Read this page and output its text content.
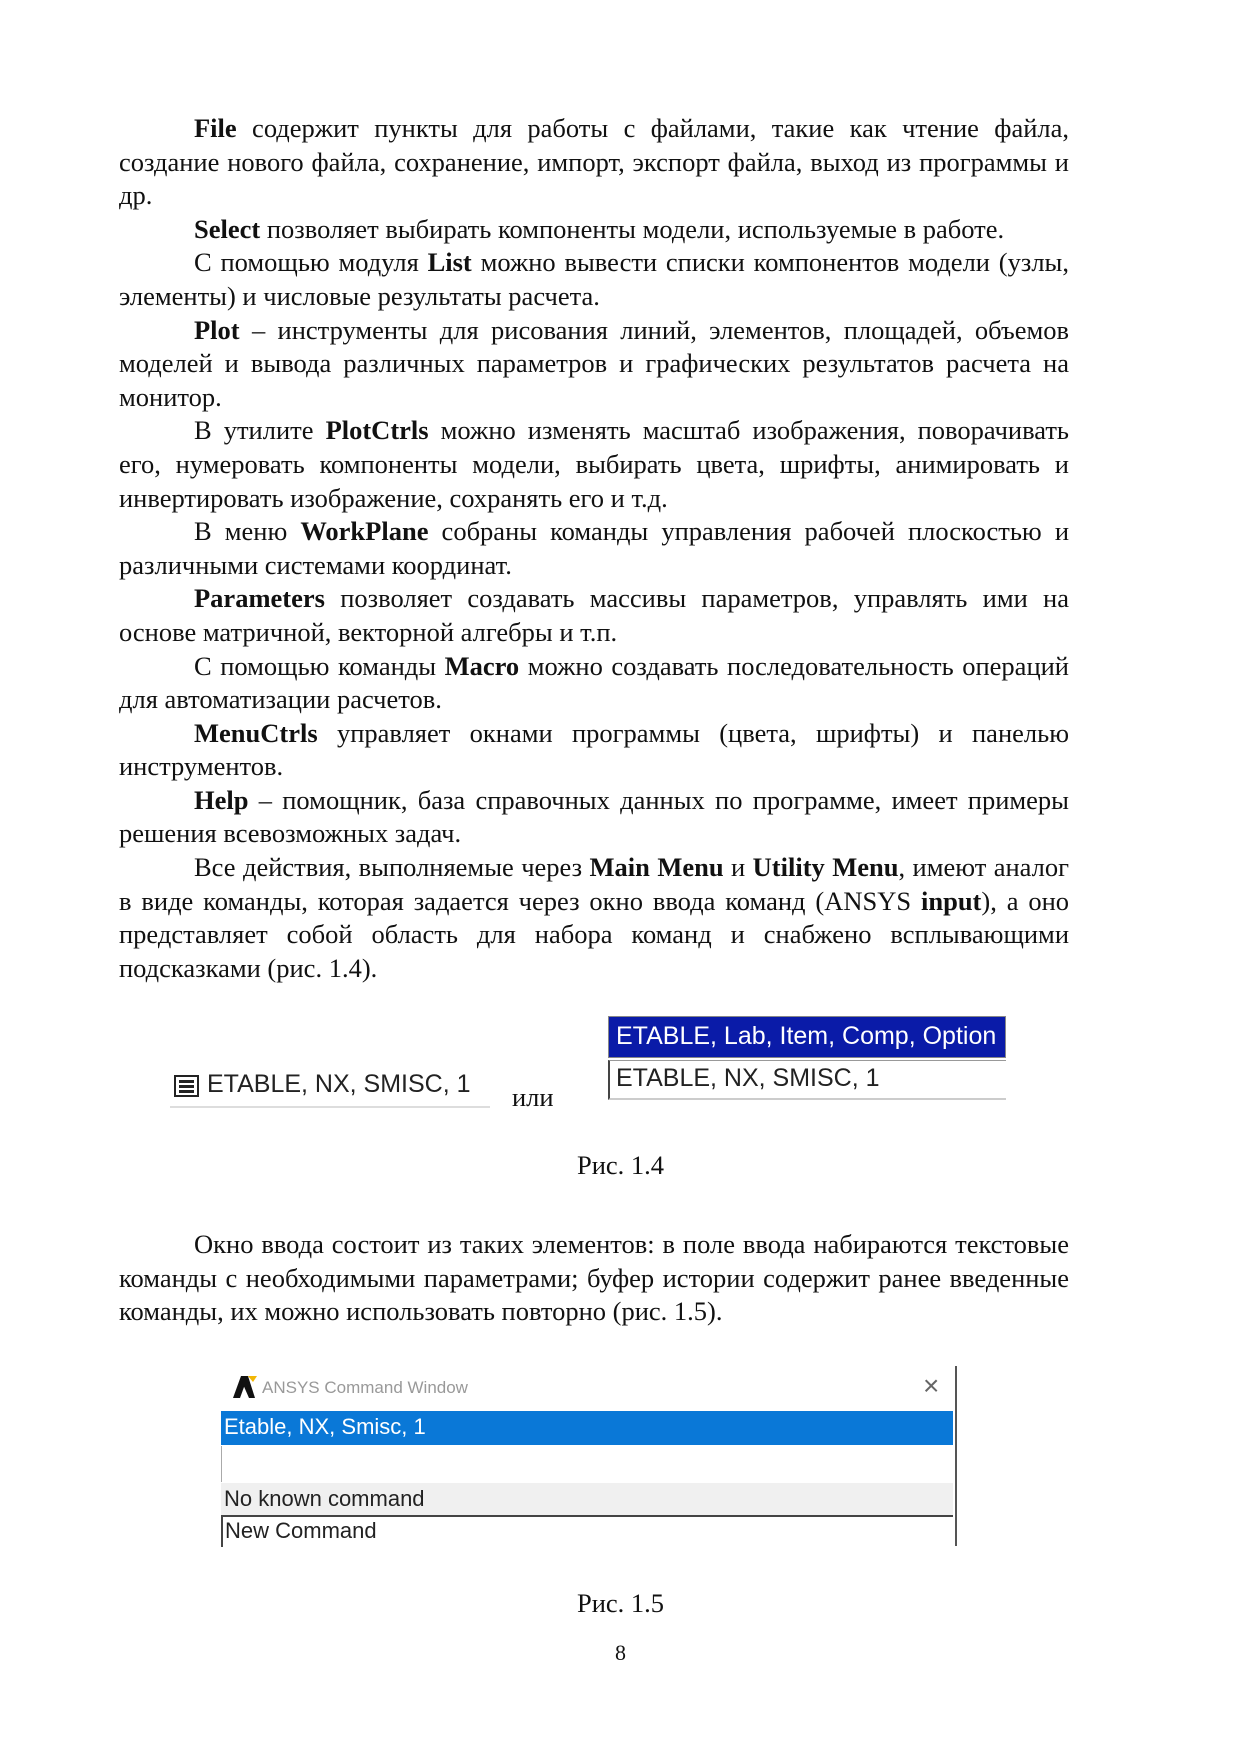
File содержит пункты для работы с файлами, такие как чтение файла, создание нового файла, сохранение, импорт, экспорт файла, выход из программы и др.

Select позволяет выбирать компоненты модели, используемые в работе.

С помощью модуля List можно вывести списки компонентов модели (узлы, элементы) и числовые результаты расчета.

Plot – инструменты для рисования линий, элементов, площадей, объемов моделей и вывода различных параметров и графических результатов расчета на монитор.

В утилите PlotCtrls можно изменять масштаб изображения, поворачивать его, нумеровать компоненты модели, выбирать цвета, шрифты, анимировать и инвертировать изображение, сохранять его и т.д.

В меню WorkPlane собраны команды управления рабочей плоскостью и различными системами координат.

Parameters позволяет создавать массивы параметров, управлять ими на основе матричной, векторной алгебры и т.п.

С помощью команды Macro можно создавать последовательность операций для автоматизации расчетов.

MenuCtrls управляет окнами программы (цвета, шрифты) и панелью инструментов.

Help – помощник, база справочных данных по программе, имеет примеры решения всевозможных задач.

Все действия, выполняемые через Main Menu и Utility Menu, имеют аналог в виде команды, которая задается через окно ввода команд (ANSYS input), а оно представляет собой область для набора команд и снабжено всплывающими подсказками (рис. 1.4).

ETABLE, NX, SMISC, 1 или
ETABLE, Lab, Item, Comp, Option
ETABLE, NX, SMISC, 1
Рис. 1.4

Окно ввода состоит из таких элементов: в поле ввода набираются текстовые команды с необходимыми параметрами; буфер истории содержит ранее введенные команды, их можно использовать повторно (рис. 1.5).

ANSYS Command Window	×
Etable, NX, Smisc, 1
No known command
New Command
Рис. 1.5
8
